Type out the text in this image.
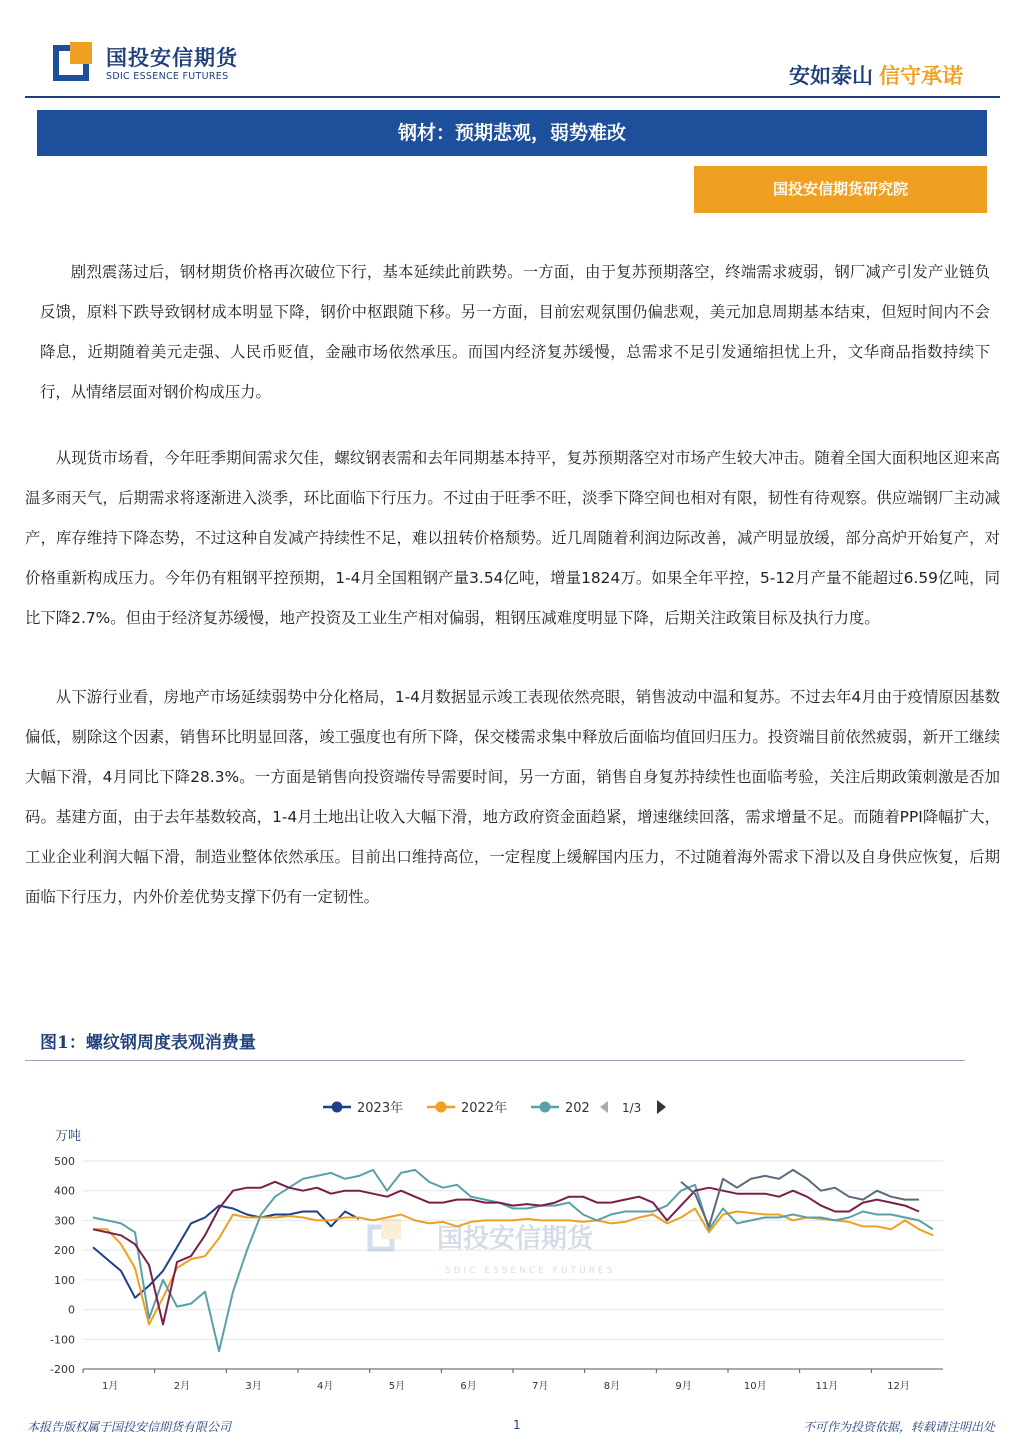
国投安信期货
SDIC ESSENCE FUTURES	安如泰山 信守承诺
钢材：预期悲观，弱势难改
国投安信期货研究院

剧烈震荡过后，钢材期货价格再次破位下行，基本延续此前跌势。一方面，由于复苏预期落空，终端需求疲弱，钢厂减产引发产业链负反馈，原料下跌导致钢材成本明显下降，钢价中枢跟随下移。另一方面，目前宏观氛围仍偏悲观，美元加息周期基本结束，但短时间内不会降息，近期随着美元走强、人民币贬值，金融市场依然承压。而国内经济复苏缓慢，总需求不足引发通缩担忧上升，文华商品指数持续下行，从情绪层面对钢价构成压力。

从现货市场看，今年旺季期间需求欠佳，螺纹钢表需和去年同期基本持平，复苏预期落空对市场产生较大冲击。随着全国大面积地区迎来高温多雨天气，后期需求将逐渐进入淡季，环比面临下行压力。不过由于旺季不旺，淡季下降空间也相对有限，韧性有待观察。供应端钢厂主动减产，库存维持下降态势，不过这种自发减产持续性不足，难以扭转价格颓势。近几周随着利润边际改善，减产明显放缓，部分高炉开始复产，对价格重新构成压力。今年仍有粗钢平控预期，1-4月全国粗钢产量3.54亿吨，增量1824万。如果全年平控，5-12月产量不能超过6.59亿吨，同比下降2.7%。但由于经济复苏缓慢，地产投资及工业生产相对偏弱，粗钢压减难度明显下降，后期关注政策目标及执行力度。

从下游行业看，房地产市场延续弱势中分化格局，1-4月数据显示竣工表现依然亮眼，销售波动中温和复苏。不过去年4月由于疫情原因基数偏低，剔除这个因素，销售环比明显回落，竣工强度也有所下降，保交楼需求集中释放后面临均值回归压力。投资端目前依然疲弱，新开工继续大幅下滑，4月同比下降28.3%。一方面是销售向投资端传导需要时间，另一方面，销售自身复苏持续性也面临考验，关注后期政策刺激是否加码。基建方面，由于去年基数较高，1-4月土地出让收入大幅下滑，地方政府资金面趋紧，增速继续回落，需求增量不足。而随着PPI降幅扩大，工业企业利润大幅下滑，制造业整体依然承压。目前出口维持高位，一定程度上缓解国内压力，不过随着海外需求下滑以及自身供应恢复，后期面临下行压力，内外价差优势支撑下仍有一定韧性。

图1：螺纹钢周度表观消费量
2023年	2022年	202	1/3
万吨
500
400
300
200
100
0
-100
-200
国投安信期货
SDIC ESSENCE FUTURES
1月	2月	3月	4月	5月	6月	7月	8月	9月	10月	11月	12月
本报告版权属于国投安信期货有限公司	1	不可作为投资依据，转载请注明出处
